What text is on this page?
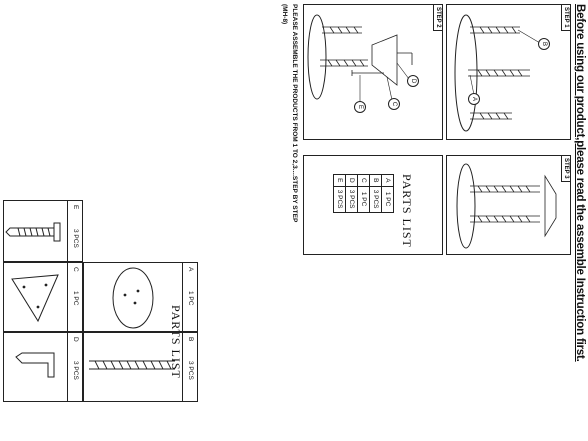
Before using our product,please read the assemble Instruction first.
STEP 1
B
A
STEP 2
D
C
E
STEP 3
PARTS LIST
A	1 PC
B	3 PCS
C	1 PC
D	3 PCS
E	3 PCS
PLEASE ASSEMBLE THE PRODUCTS FROM 1 TO 2,3....STEP BY STEP
(MH-8)
PARTS LIST
A
1 PC
B
3 PCS
C
1 PC
D
3 PCS
E
3 PCS
